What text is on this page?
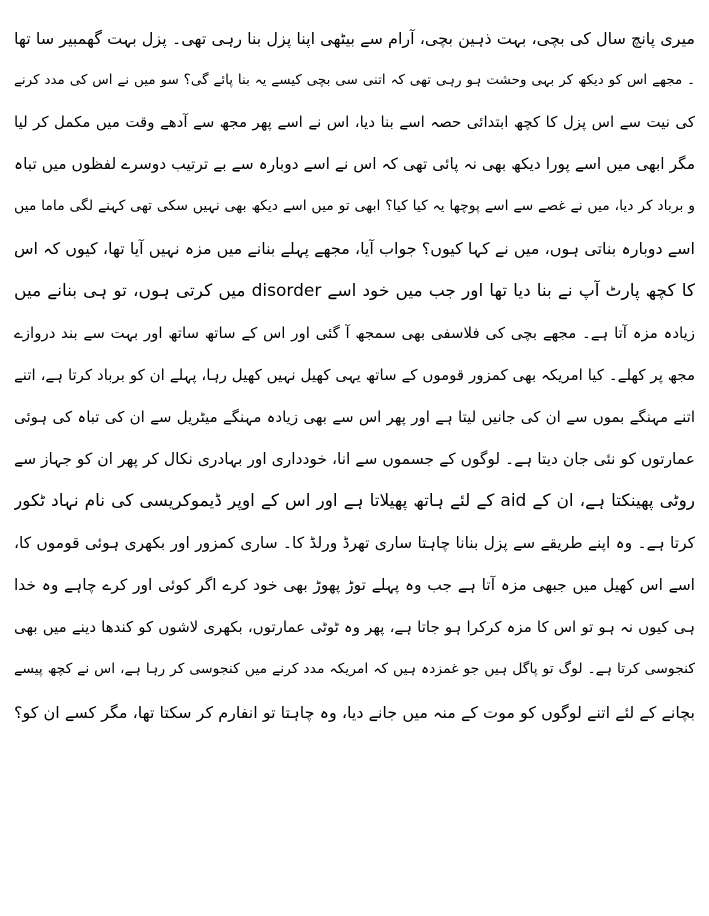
میری پانچ سال کی بچی، بہت ذہین بچی، آرام سے بیٹھی اپنا پزل بنا رہی تھی۔ پزل بہت گھمبیر سا تھا
۔ مجھے اس کو دیکھ کر بہی وحشت ہو رہی تھی کہ اتنی سی بچی کیسے یہ بنا پائے گی؟ سو میں نے اس کی مدد کرنے
کی نیت سے اس پزل کا کچھ ابتدائی حصہ اسے بنا دیا، اس نے اسے پھر مجھ سے آدھے وقت میں مکمل کر لیا
مگر ابھی میں اسے پورا دیکھ بھی نہ پائی تھی کہ اس نے اسے دوبارہ سے بے ترتیب دوسرے لفظوں میں تباہ
و برباد کر دیا، میں نے غصے سے اسے پوچھا یہ کیا کیا؟ ابھی تو میں اسے دیکھ بھی نہیں سکی تھی کہنے لگی ماما میں
اسے دوبارہ بناتی ہوں، میں نے کہا کیوں؟ جواب آیا، مجھے پہلے بنانے میں مزہ نہیں آیا تھا، کیوں کہ اس
کا کچھ پارٹ آپ نے بنا دیا تھا اور جب میں خود اسے disorder میں کرتی ہوں، تو ہی بنانے میں
زیادہ مزہ آتا ہے۔ مجھے بچی کی فلاسفی بھی سمجھ آ گئی اور اس کے ساتھ ساتھ اور بہت سے بند دروازے
مجھ پر کھلے۔ کیا امریکہ بھی کمزور قوموں کے ساتھ یہی کھیل نہیں کھیل رہا، پہلے ان کو برباد کرتا ہے، اتنے
اتنے مہنگے بموں سے ان کی جانیں لیتا ہے اور پھر اس سے بھی زیادہ مہنگے میٹریل سے ان کی تباہ کی ہوئی
عمارتوں کو نئی جان دیتا ہے۔ لوگوں کے جسموں سے انا، خودداری اور بہادری نکال کر پھر ان کو جہاز سے
روٹی پھینکتا ہے، ان کے aid کے لئے ہاتھ پھیلاتا ہے اور اس کے اوپر ڈیموکریسی کی نام نہاد ٹکور
کرتا ہے۔ وہ اپنے طریقے سے پزل بنانا چاہتا ساری تھرڈ ورلڈ کا۔ ساری کمزور اور بکھری ہوئی قوموں کا،
اسے اس کھیل میں جبھی مزہ آتا ہے جب وہ پہلے توڑ پھوڑ بھی خود کرے اگر کوئی اور کرے چاہے وہ خدا
ہی کیوں نہ ہو تو اس کا مزہ کرکرا ہو جاتا ہے، پھر وہ ٹوٹی عمارتوں، بکھری لاشوں کو کندھا دینے میں بھی
کنجوسی کرتا ہے۔ لوگ تو پاگل ہیں جو غمزدہ ہیں کہ امریکہ مدد کرنے میں کنجوسی کر رہا ہے، اس نے کچھ پیسے
بچانے کے لئے اتنے لوگوں کو موت کے منہ میں جانے دیا، وہ چاہتا تو انفارم کر سکتا تھا، مگر کسے ان کو؟
